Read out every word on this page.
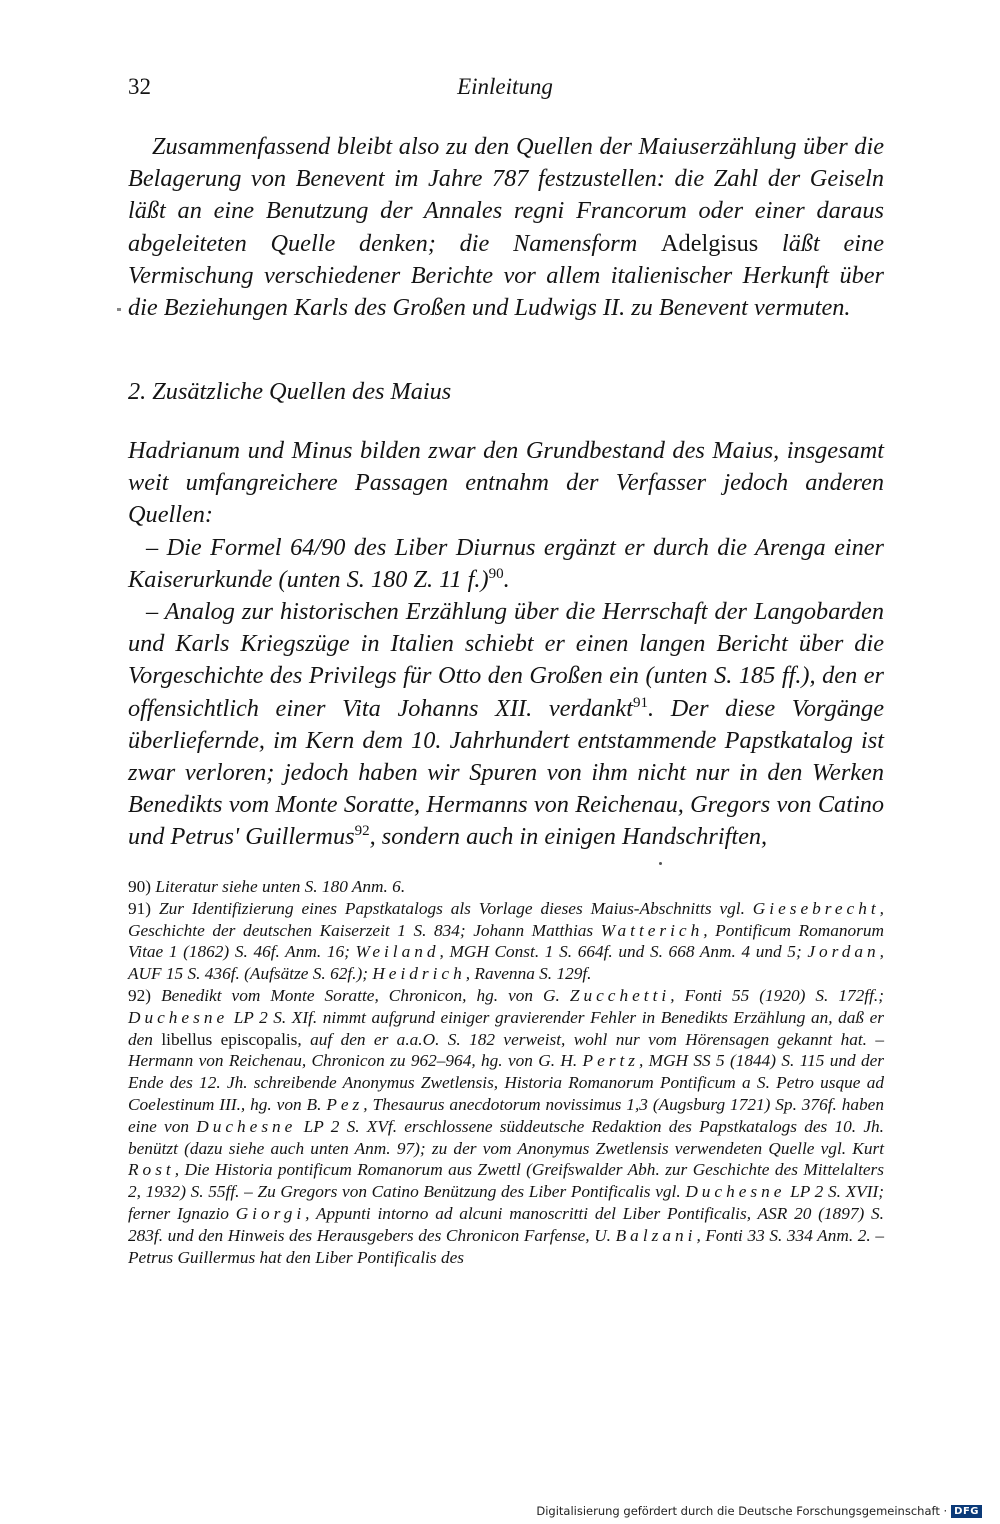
32	Einleitung
Zusammenfassend bleibt also zu den Quellen der Maiuserzählung über die Belagerung von Benevent im Jahre 787 festzustellen: die Zahl der Geiseln läßt an eine Benutzung der Annales regni Francorum oder einer daraus abgeleiteten Quelle denken; die Namensform Adelgisus läßt eine Vermischung verschiedener Berichte vor allem italienischer Herkunft über die Beziehungen Karls des Großen und Ludwigs II. zu Benevent vermuten.
2. Zusätzliche Quellen des Maius

Hadrianum und Minus bilden zwar den Grundbestand des Maius, insgesamt weit umfangreichere Passagen entnahm der Verfasser jedoch anderen Quellen:

– Die Formel 64/90 des Liber Diurnus ergänzt er durch die Arenga einer Kaiserurkunde (unten S. 180 Z. 11 f.)$^{90}$.

– Analog zur historischen Erzählung über die Herrschaft der Langobarden und Karls Kriegszüge in Italien schiebt er einen langen Bericht über die Vorgeschichte des Privilegs für Otto den Großen ein (unten S. 185 ff.), den er offensichtlich einer Vita Johanns XII. verdankt$^{91}$. Der diese Vorgänge überliefernde, im Kern dem 10. Jahrhundert entstammende Papstkatalog ist zwar verloren; jedoch haben wir Spuren von ihm nicht nur in den Werken Benedikts vom Monte Soratte, Hermanns von Reichenau, Gregors von Catino und Petrus' Guillermus$^{92}$, sondern auch in einigen Handschriften,

90) Literatur siehe unten S. 180 Anm. 6.

91) Zur Identifizierung eines Papstkatalogs als Vorlage dieses Maius-Abschnitts vgl. Giesebrecht, Geschichte der deutschen Kaiserzeit 1 S. 834; Johann Matthias Watterich, Pontificum Romanorum Vitae 1 (1862) S. 46f. Anm. 16; Weiland, MGH Const. 1 S. 664f. und S. 668 Anm. 4 und 5; Jordan, AUF 15 S. 436f. (Aufsätze S. 62f.); Heidrich, Ravenna S. 129f.

92) Benedikt vom Monte Soratte, Chronicon, hg. von G. Zucchetti, Fonti 55 (1920) S. 172ff.; Duchesne LP 2 S. XIf. nimmt aufgrund einiger gravierender Fehler in Benedikts Erzählung an, daß er den libellus episcopalis, auf den er a.a.O. S. 182 verweist, wohl nur vom Hörensagen gekannt hat. – Hermann von Reichenau, Chronicon zu 962–964, hg. von G. H. Pertz, MGH SS 5 (1844) S. 115 und der Ende des 12. Jh. schreibende Anonymus Zwetlensis, Historia Romanorum Pontificum a S. Petro usque ad Coelestinum III., hg. von B. Pez, Thesaurus anecdotorum novissimus 1,3 (Augsburg 1721) Sp. 376f. haben eine von Duchesne LP 2 S. XVf. erschlossene süddeutsche Redaktion des Papstkatalogs des 10. Jh. benützt (dazu siehe auch unten Anm. 97); zu der vom Anonymus Zwetlensis verwendeten Quelle vgl. Kurt Rost, Die Historia pontificum Romanorum aus Zwettl (Greifswalder Abh. zur Geschichte des Mittelalters 2, 1932) S. 55ff. – Zu Gregors von Catino Benützung des Liber Pontificalis vgl. Duchesne LP 2 S. XVII; ferner Ignazio Giorgi, Appunti intorno ad alcuni manoscritti del Liber Pontificalis, ASR 20 (1897) S. 283f. und den Hinweis des Herausgebers des Chronicon Farfense, U. Balzani, Fonti 33 S. 334 Anm. 2. – Petrus Guillermus hat den Liber Pontificalis des

Digitalisierung gefördert durch die Deutsche Forschungsgemeinschaft · DFG
